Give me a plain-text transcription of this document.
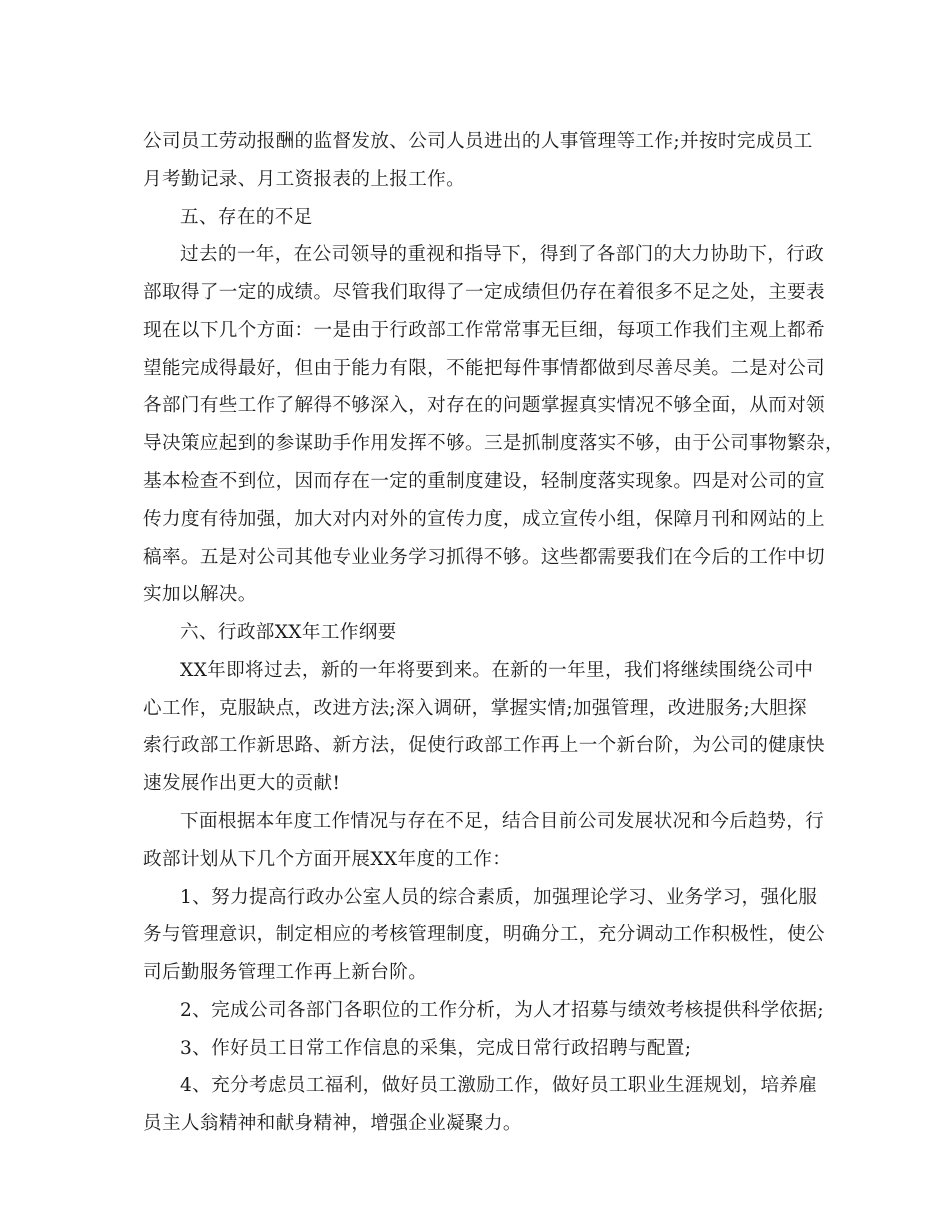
公司员工劳动报酬的监督发放、公司人员进出的人事管理等工作;并按时完成员工
月考勤记录、月工资报表的上报工作。
五、存在的不足
过去的一年，在公司领导的重视和指导下，得到了各部门的大力协助下，行政
部取得了一定的成绩。尽管我们取得了一定成绩但仍存在着很多不足之处，主要表
现在以下几个方面：一是由于行政部工作常常事无巨细，每项工作我们主观上都希
望能完成得最好，但由于能力有限，不能把每件事情都做到尽善尽美。二是对公司
各部门有些工作了解得不够深入，对存在的问题掌握真实情况不够全面，从而对领
导决策应起到的参谋助手作用发挥不够。三是抓制度落实不够，由于公司事物繁杂，
基本检查不到位，因而存在一定的重制度建设，轻制度落实现象。四是对公司的宣
传力度有待加强，加大对内对外的宣传力度，成立宣传小组，保障月刊和网站的上
稿率。五是对公司其他专业业务学习抓得不够。这些都需要我们在今后的工作中切
实加以解决。
六、行政部XX年工作纲要
XX年即将过去，新的一年将要到来。在新的一年里，我们将继续围绕公司中
心工作，克服缺点，改进方法;深入调研，掌握实情;加强管理，改进服务;大胆探
索行政部工作新思路、新方法，促使行政部工作再上一个新台阶，为公司的健康快
速发展作出更大的贡献!
下面根据本年度工作情况与存在不足，结合目前公司发展状况和今后趋势，行
政部计划从下几个方面开展XX年度的工作：
1、努力提高行政办公室人员的综合素质，加强理论学习、业务学习，强化服
务与管理意识，制定相应的考核管理制度，明确分工，充分调动工作积极性，使公
司后勤服务管理工作再上新台阶。
2、完成公司各部门各职位的工作分析，为人才招募与绩效考核提供科学依据;
3、作好员工日常工作信息的采集，完成日常行政招聘与配置;
4、充分考虑员工福利，做好员工激励工作，做好员工职业生涯规划，培养雇
员主人翁精神和献身精神，增强企业凝聚力。
